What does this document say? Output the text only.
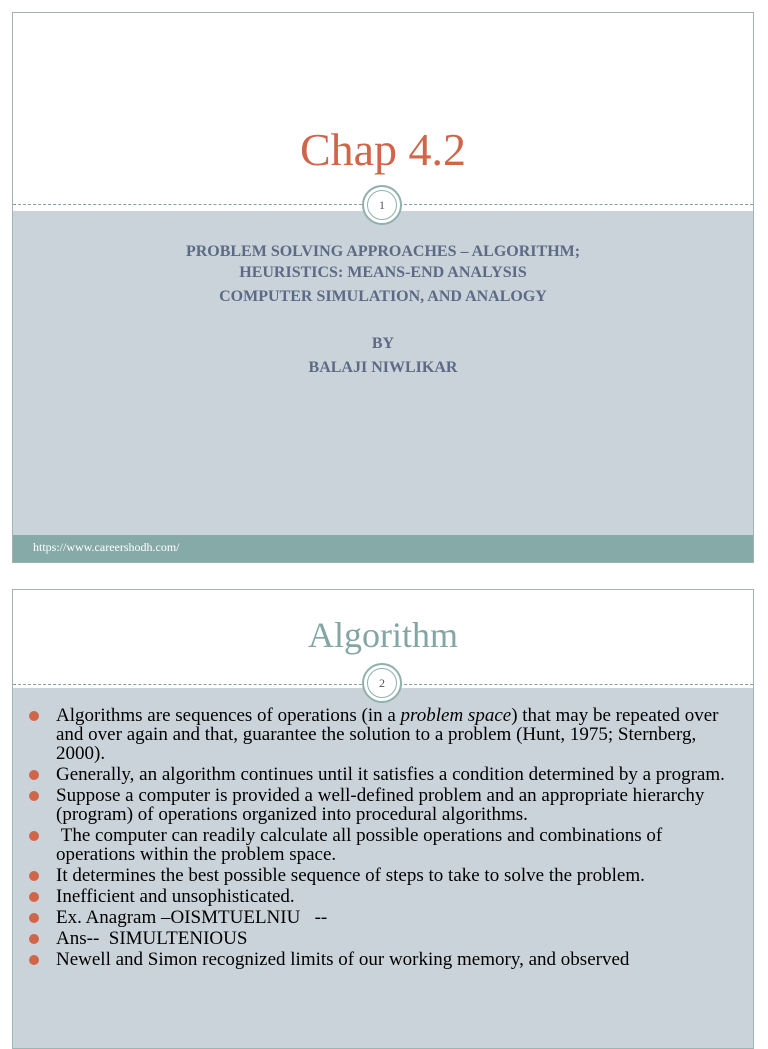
Chap 4.2
PROBLEM SOLVING APPROACHES – ALGORITHM;
HEURISTICS: MEANS-END ANALYSIS
COMPUTER SIMULATION, AND ANALOGY
BY
BALAJI NIWLIKAR
1
https://www.careershodh.com/
Algorithm
2
Algorithms are sequences of operations (in a problem space) that may be repeated over and over again and that, guarantee the solution to a problem (Hunt, 1975; Sternberg, 2000).
Generally, an algorithm continues until it satisfies a condition determined by a program.
Suppose a computer is provided a well-defined problem and an appropriate hierarchy (program) of operations organized into procedural algorithms.
The computer can readily calculate all possible operations and combinations of operations within the problem space.
It determines the best possible sequence of steps to take to solve the problem.
Inefficient and unsophisticated.
Ex. Anagram –OISMTUELNIU   --
Ans--  SIMULTENIOUS
Newell and Simon recognized limits of our working memory, and observed
